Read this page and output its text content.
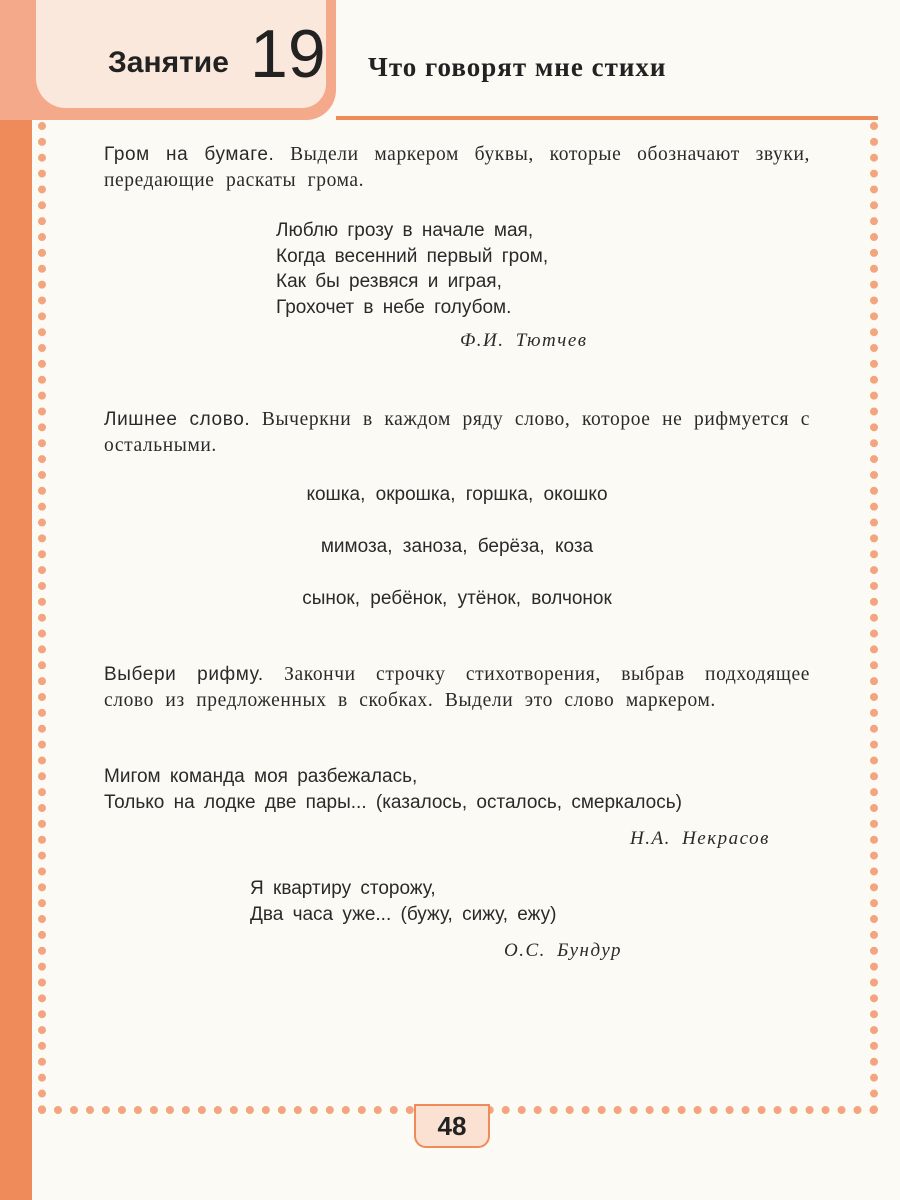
Занятие 19 Что говорят мне стихи
Гром на бумаге. Выдели маркером буквы, которые обозначают звуки, передающие раскаты грома.
Люблю грозу в начале мая,
Когда весенний первый гром,
Как бы резвяся и играя,
Грохочет в небе голубом.
Ф.И. Тютчев
Лишнее слово. Вычеркни в каждом ряду слово, которое не рифмуется с остальными.
кошка, окрошка, горшка, окошко
мимоза, заноза, берёза, коза
сынок, ребёнок, утёнок, волчонок
Выбери рифму. Закончи строчку стихотворения, выбрав подходящее слово из предложенных в скобках. Выдели это слово маркером.
Мигом команда моя разбежалась,
Только на лодке две пары... (казалось, осталось, смеркалось)
Н.А. Некрасов
Я квартиру сторожу,
Два часа уже... (бужу, сижу, ежу)
О.С. Бундур
48
